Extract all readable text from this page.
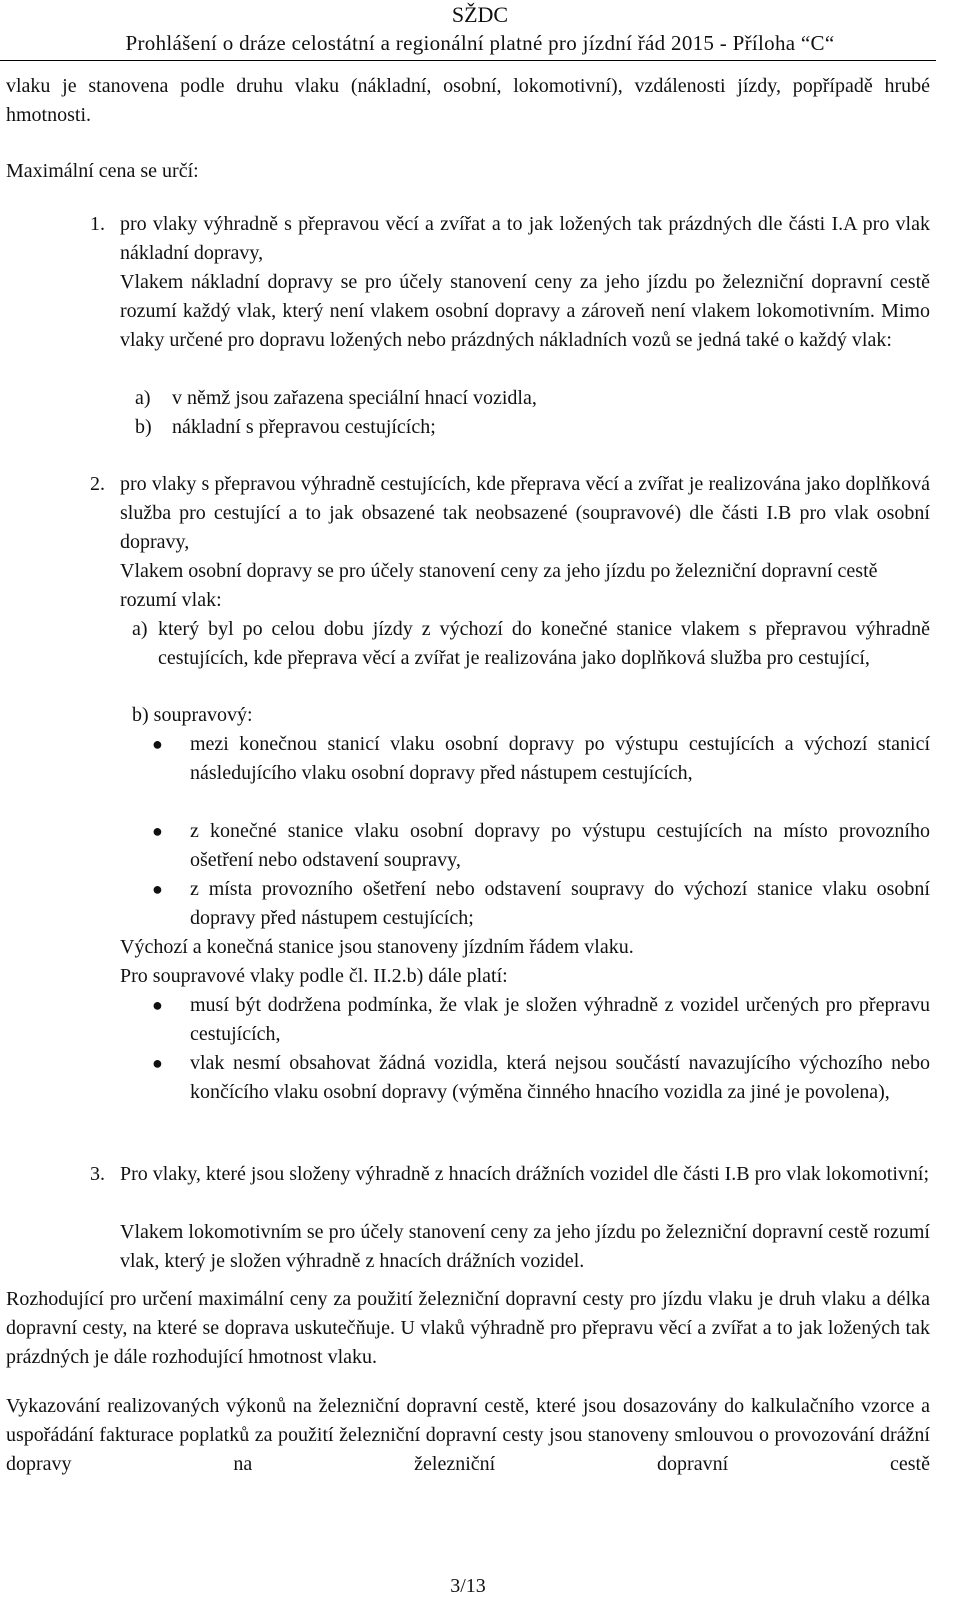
SŽDC
Prohlášení o dráze celostátní a regionální platné pro jízdní řád 2015 - Příloha “C“
vlaku je stanovena podle druhu vlaku (nákladní, osobní, lokomotivní), vzdálenosti jízdy, popřípadě hrubé hmotnosti.
Maximální cena se určí:
1. pro vlaky výhradně s přepravou věcí a zvířat a to jak ložených tak prázdných dle části I.A pro vlak nákladní dopravy,
Vlakem nákladní dopravy se pro účely stanovení ceny za jeho jízdu po železniční dopravní cestě rozumí každý vlak, který není vlakem osobní dopravy a zároveň není vlakem lokomotivním. Mimo vlaky určené pro dopravu ložených nebo prázdných nákladních vozů se jedná také o každý vlak:
a) v němž jsou zařazena speciální hnací vozidla,
b) nákladní s přepravou cestujících;
2. pro vlaky s přepravou výhradně cestujících, kde přeprava věcí a zvířat je realizována jako doplňková služba pro cestující a to jak obsazené tak neobsazené (soupravové) dle části I.B pro vlak osobní dopravy,
Vlakem osobní dopravy se pro účely stanovení ceny za jeho jízdu po železniční dopravní cestě rozumí vlak:
a) který byl po celou dobu jízdy z výchozí do konečné stanice vlakem s přepravou výhradně cestujících, kde přeprava věcí a zvířat je realizována jako doplňková služba pro cestující,
b) soupravový:
● mezi konečnou stanicí vlaku osobní dopravy po výstupu cestujících a výchozí stanicí následujícího vlaku osobní dopravy před nástupem cestujících,
● z konečné stanice vlaku osobní dopravy po výstupu cestujících na místo provozního ošetření nebo odstavení soupravy,
● z místa provozního ošetření nebo odstavení soupravy do výchozí stanice vlaku osobní dopravy před nástupem cestujících;
Výchozí a konečná stanice jsou stanoveny jízdním řádem vlaku.
Pro soupravové vlaky podle čl. II.2.b) dále platí:
● musí být dodržena podmínka, že vlak je složen výhradně z vozidel určených pro přepravu cestujících,
● vlak nesmí obsahovat žádná vozidla, která nejsou součástí navazujícího výchozího nebo končícího vlaku osobní dopravy (výměna činného hnacího vozidla za jiné je povolena),
3. Pro vlaky, které jsou složeny výhradně z hnacích drážních vozidel dle části I.B pro vlak lokomotivní;
Vlakem lokomotivním se pro účely stanovení ceny za jeho jízdu po železniční dopravní cestě rozumí vlak, který je složen výhradně z hnacích drážních vozidel.
Rozhodující pro určení maximální ceny za použití železniční dopravní cesty pro jízdu vlaku je druh vlaku a délka dopravní cesty, na které se doprava uskutečňuje. U vlaků výhradně pro přepravu věcí a zvířat a to jak ložených tak prázdných je dále rozhodující hmotnost vlaku.
Vykazování realizovaných výkonů na železniční dopravní cestě, které jsou dosazovány do kalkulačního vzorce a uspořádání fakturace poplatků za použití železniční dopravní cesty jsou stanoveny smlouvou o provozování drážní dopravy na železniční dopravní cestě
3/13
